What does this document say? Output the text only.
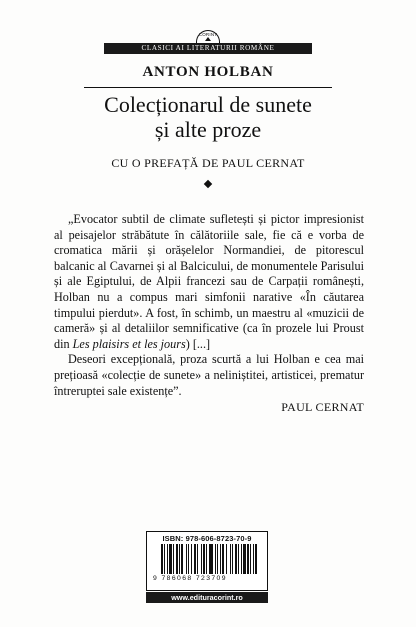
CORINT
CLASICI AI LITERATURII ROMÂNE
ANTON HOLBAN
Colecționarul de sunete
și alte proze
CU O PREFAȚĂ DE PAUL CERNAT

„Evocator subtil de climate sufletești și pictor impresionist al peisajelor străbătute în călătoriile sale, fie că e vorba de cromatica mării și orășelelor Normandiei, de pitorescul balcanic al Cavarnei și al Balcicului, de monumentele Parisului și ale Egiptului, de Alpii francezi sau de Carpații românești, Holban nu a compus mari simfonii narative «În căutarea timpului pierdut». A fost, în schimb, un maestru al «muzicii de cameră» și al detaliilor semnificative (ca în prozele lui Proust din Les plaisirs et les jours) [...]

Deseori excepțională, proza scurtă a lui Holban e cea mai prețioasă «colecție de sunete» a neliniștitei, artisticei, prematur întreruptei sale existențe”.

PAUL CERNAT
ISBN: 978-606-8723-70-9
9 786068 723709
www.edituracorint.ro
